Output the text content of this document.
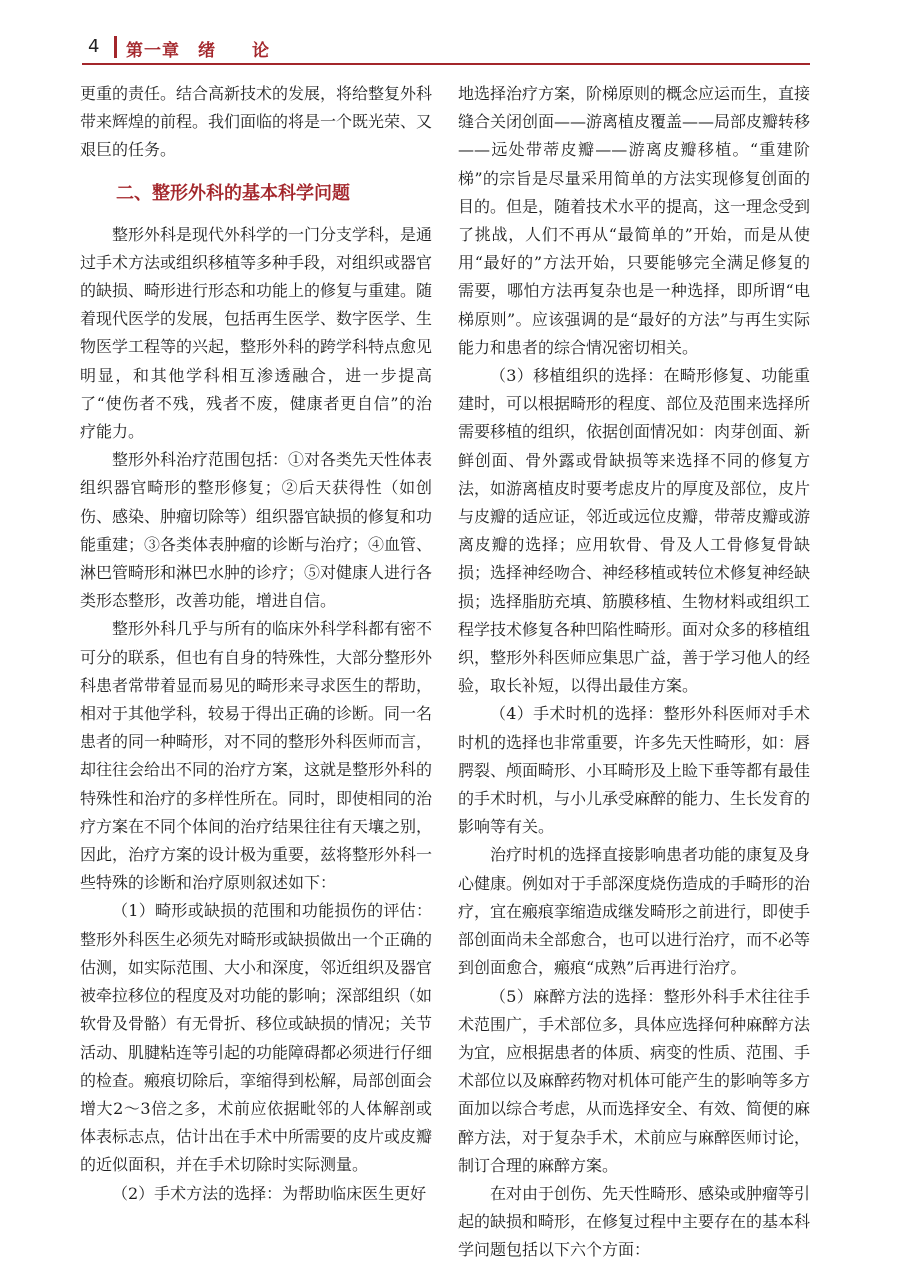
4 第一章　绪　　论

更重的责任。结合高新技术的发展，将给整复外科带来辉煌的前程。我们面临的将是一个既光荣、又艰巨的任务。

二、整形外科的基本科学问题

整形外科是现代外科学的一门分支学科，是通过手术方法或组织移植等多种手段，对组织或器官的缺损、畸形进行形态和功能上的修复与重建。随着现代医学的发展，包括再生医学、数字医学、生物医学工程等的兴起，整形外科的跨学科特点愈见明显，和其他学科相互渗透融合，进一步提高了“使伤者不残，残者不废，健康者更自信”的治疗能力。

整形外科治疗范围包括：①对各类先天性体表组织器官畸形的整形修复；②后天获得性（如创伤、感染、肿瘤切除等）组织器官缺损的修复和功能重建；③各类体表肿瘤的诊断与治疗；④血管、淋巴管畸形和淋巴水肿的诊疗；⑤对健康人进行各类形态整形，改善功能，增进自信。

整形外科几乎与所有的临床外科学科都有密不可分的联系，但也有自身的特殊性，大部分整形外科患者常带着显而易见的畸形来寻求医生的帮助，相对于其他学科，较易于得出正确的诊断。同一名患者的同一种畸形，对不同的整形外科医师而言，却往往会给出不同的治疗方案，这就是整形外科的特殊性和治疗的多样性所在。同时，即使相同的治疗方案在不同个体间的治疗结果往往有天壤之别，因此，治疗方案的设计极为重要，兹将整形外科一些特殊的诊断和治疗原则叙述如下：

（1）畸形或缺损的范围和功能损伤的评估：整形外科医生必须先对畸形或缺损做出一个正确的估测，如实际范围、大小和深度，邻近组织及器官被牵拉移位的程度及对功能的影响；深部组织（如软骨及骨骼）有无骨折、移位或缺损的情况；关节活动、肌腱粘连等引起的功能障碍都必须进行仔细的检查。瘢痕切除后，挛缩得到松解，局部创面会增大2～3倍之多，术前应依据毗邻的人体解剖或体表标志点，估计出在手术中所需要的皮片或皮瓣的近似面积，并在手术切除时实际测量。

（2）手术方法的选择：为帮助临床医生更好

地选择治疗方案，阶梯原则的概念应运而生，直接缝合关闭创面——游离植皮覆盖——局部皮瓣转移——远处带蒂皮瓣——游离皮瓣移植。“重建阶梯”的宗旨是尽量采用简单的方法实现修复创面的目的。但是，随着技术水平的提高，这一理念受到了挑战，人们不再从“最简单的”开始，而是从使用“最好的”方法开始，只要能够完全满足修复的需要，哪怕方法再复杂也是一种选择，即所谓“电梯原则”。应该强调的是“最好的方法”与再生实际能力和患者的综合情况密切相关。

（3）移植组织的选择：在畸形修复、功能重建时，可以根据畸形的程度、部位及范围来选择所需要移植的组织，依据创面情况如：肉芽创面、新鲜创面、骨外露或骨缺损等来选择不同的修复方法，如游离植皮时要考虑皮片的厚度及部位，皮片与皮瓣的适应证，邻近或远位皮瓣，带蒂皮瓣或游离皮瓣的选择；应用软骨、骨及人工骨修复骨缺损；选择神经吻合、神经移植或转位术修复神经缺损；选择脂肪充填、筋膜移植、生物材料或组织工程学技术修复各种凹陷性畸形。面对众多的移植组织，整形外科医师应集思广益，善于学习他人的经验，取长补短，以得出最佳方案。

（4）手术时机的选择：整形外科医师对手术时机的选择也非常重要，许多先天性畸形，如：唇腭裂、颅面畸形、小耳畸形及上睑下垂等都有最佳的手术时机，与小儿承受麻醉的能力、生长发育的影响等有关。

治疗时机的选择直接影响患者功能的康复及身心健康。例如对于手部深度烧伤造成的手畸形的治疗，宜在瘢痕挛缩造成继发畸形之前进行，即使手部创面尚未全部愈合，也可以进行治疗，而不必等到创面愈合，瘢痕“成熟”后再进行治疗。

（5）麻醉方法的选择：整形外科手术往往手术范围广，手术部位多，具体应选择何种麻醉方法为宜，应根据患者的体质、病变的性质、范围、手术部位以及麻醉药物对机体可能产生的影响等多方面加以综合考虑，从而选择安全、有效、简便的麻醉方法，对于复杂手术，术前应与麻醉医师讨论，制订合理的麻醉方案。

在对由于创伤、先天性畸形、感染或肿瘤等引起的缺损和畸形，在修复过程中主要存在的基本科学问题包括以下六个方面：
